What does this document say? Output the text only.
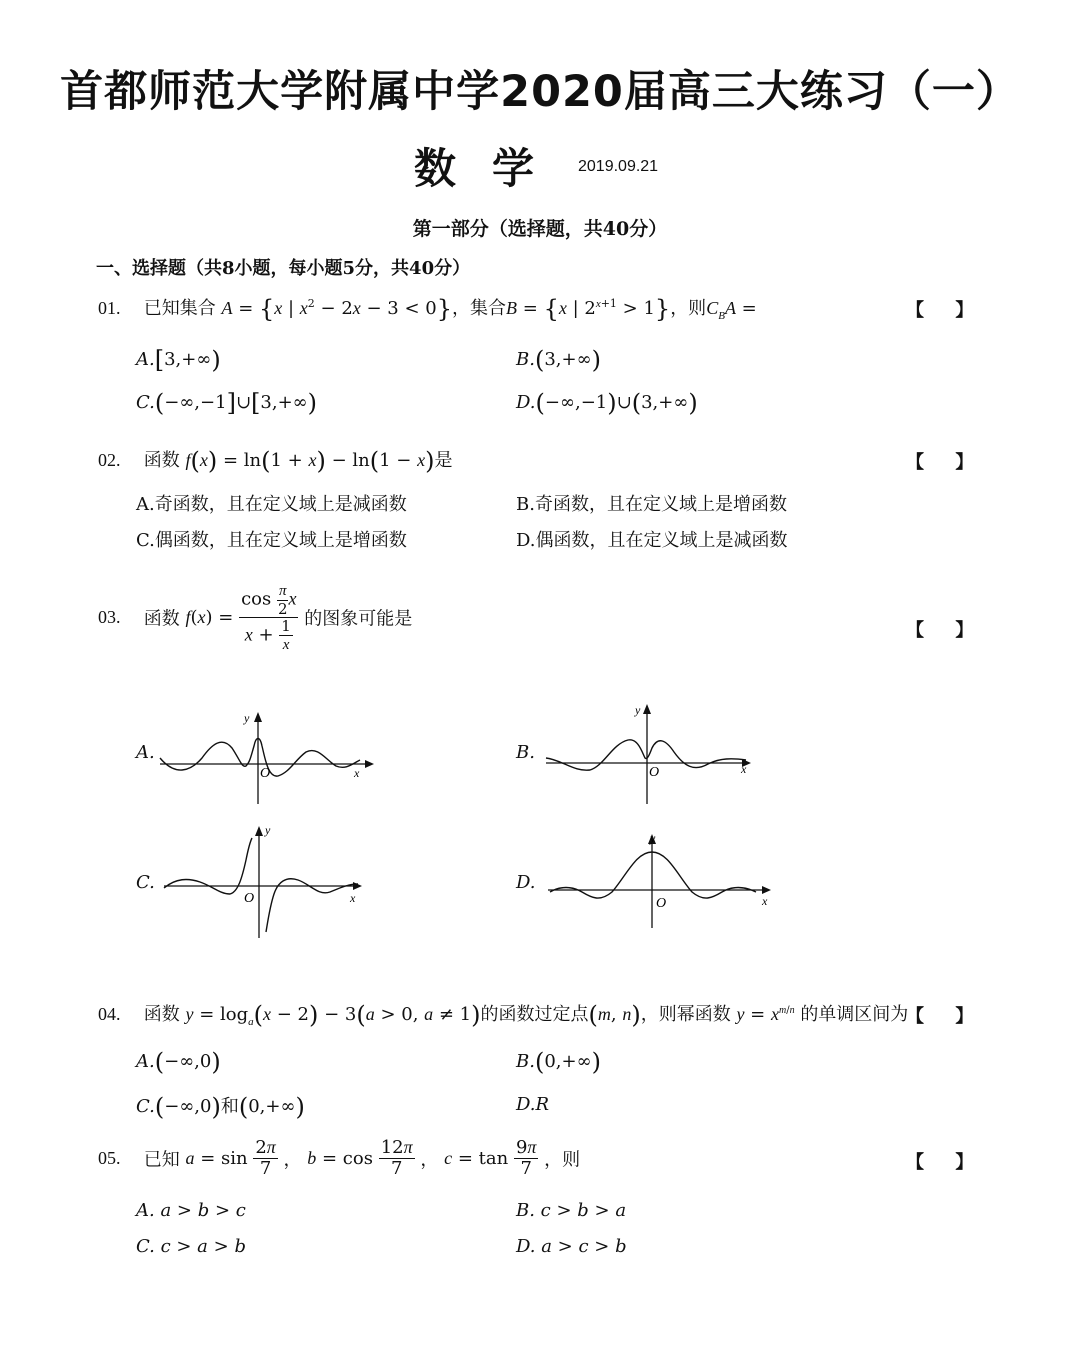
首都师范大学附属中学2020届高三大练习（一）
数学 2019.09.21
第一部分（选择题，共40分）
一、选择题（共8小题，每小题5分，共40分）
01. 已知集合 A = {x | $x^2 - 2x - 3 < 0$}，集合B = {x | $2^{x+1} > 1$}，则$C_BA$ =	【     】
A.[3,+∞)	B.(3,+∞)
C.(−∞,−1]∪[3,+∞)	D.(−∞,−1)∪(3,+∞)
02. 函数 f(x) = ln(1 + x) − ln(1 − x)是	【     】
A.奇函数，且在定义域上是减函数	B.奇函数，且在定义域上是增函数
C.偶函数，且在定义域上是增函数	D.偶函数，且在定义域上是减函数
03. 函数 $f(x) = \frac{\cos \frac{\pi}{2} x}{x + \frac{1}{x}}$ 的图象可能是
【     】
A.	B.
C.	D.
O	x
y
O	x
y
O	x
y
O	x
y
04. 函数 $y = \log_a(x - 2) - 3(a > 0$, a ≠ 1)的函数过定点(m, n)，则幂函数 $y = x^{m/n}$ 的单调区间为
【     】
A.(−∞,0)	B.(0,+∞)
C.(−∞,0)和(0,+∞)	D.R
05. 已知 $a = \sin \frac{2\pi}{7}$ ， $b = \cos \frac{12\pi}{7}$ ， $c = \tan \frac{9\pi}{7}$ ，则	【     】
A. a > b > c	B. c > b > a
C. c > a > b	D. a > c > b
